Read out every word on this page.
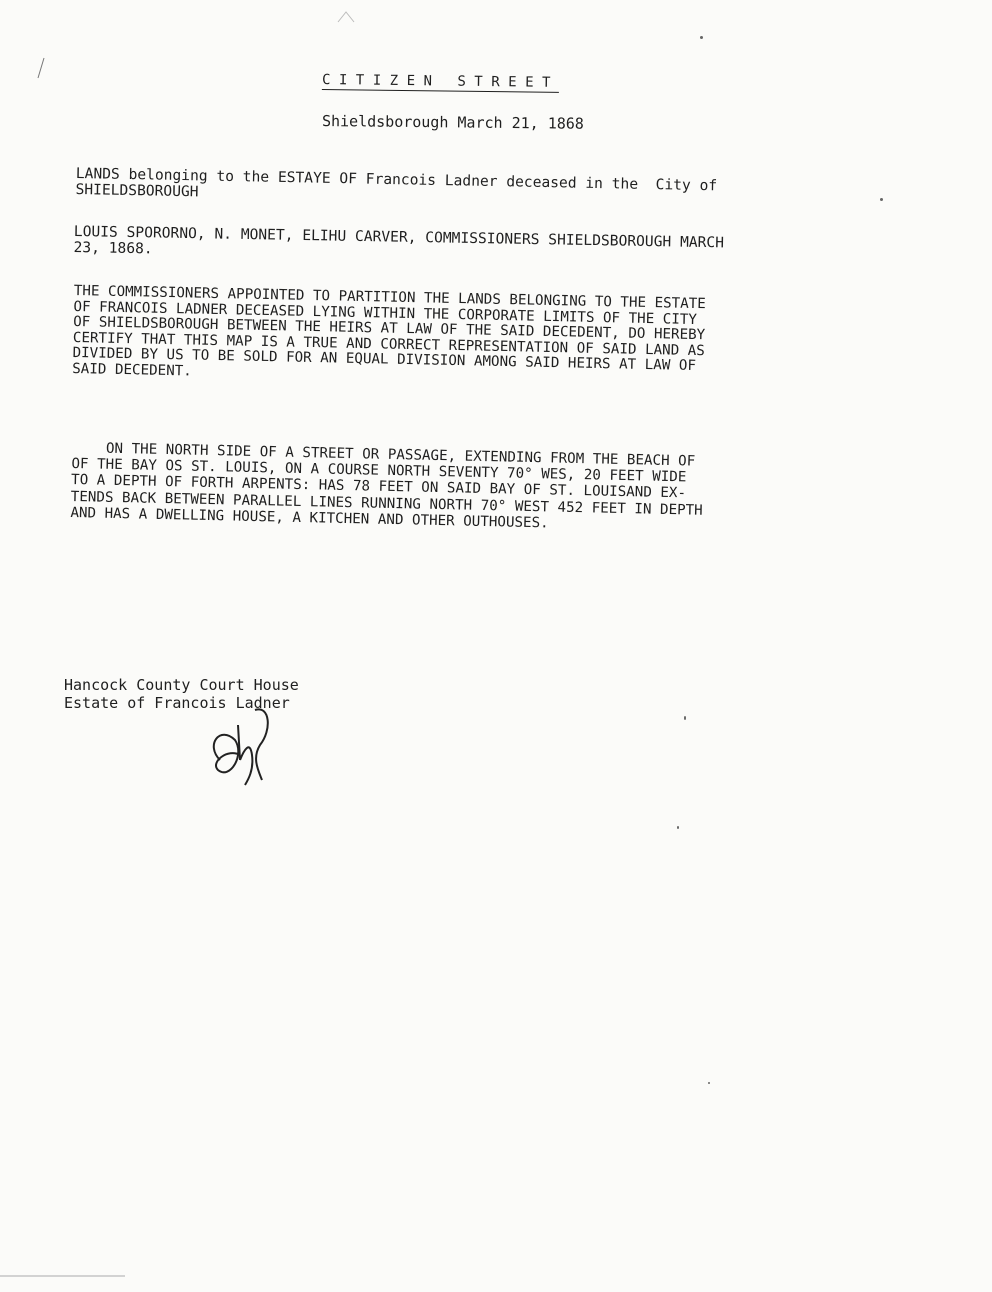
CITIZEN STREET
Shieldsborough March 21, 1868
LANDS belonging to the ESTAYE OF Francois Ladner deceased in the  City of
SHIELDSBOROUGH
LOUIS SPORORNO, N. MONET, ELIHU CARVER, COMMISSIONERS SHIELDSBOROUGH MARCH
23, 1868.
THE COMMISSIONERS APPOINTED TO PARTITION THE LANDS BELONGING TO THE ESTATE
OF FRANCOIS LADNER DECEASED LYING WITHIN THE CORPORATE LIMITS OF THE CITY
OF SHIELDSBOROUGH BETWEEN THE HEIRS AT LAW OF THE SAID DECEDENT, DO HEREBY
CERTIFY THAT THIS MAP IS A TRUE AND CORRECT REPRESENTATION OF SAID LAND AS
DIVIDED BY US TO BE SOLD FOR AN EQUAL DIVISION AMONG SAID HEIRS AT LAW OF
SAID DECEDENT.
ON THE NORTH SIDE OF A STREET OR PASSAGE, EXTENDING FROM THE BEACH OF
OF THE BAY OS ST. LOUIS, ON A COURSE NORTH SEVENTY 70° WES, 20 FEET WIDE
TO A DEPTH OF FORTH ARPENTS: HAS 78 FEET ON SAID BAY OF ST. LOUISAND EX-
TENDS BACK BETWEEN PARALLEL LINES RUNNING NORTH 70° WEST 452 FEET IN DEPTH
AND HAS A DWELLING HOUSE, A KITCHEN AND OTHER OUTHOUSES.
Hancock County Court House
Estate of Francois Ladner
